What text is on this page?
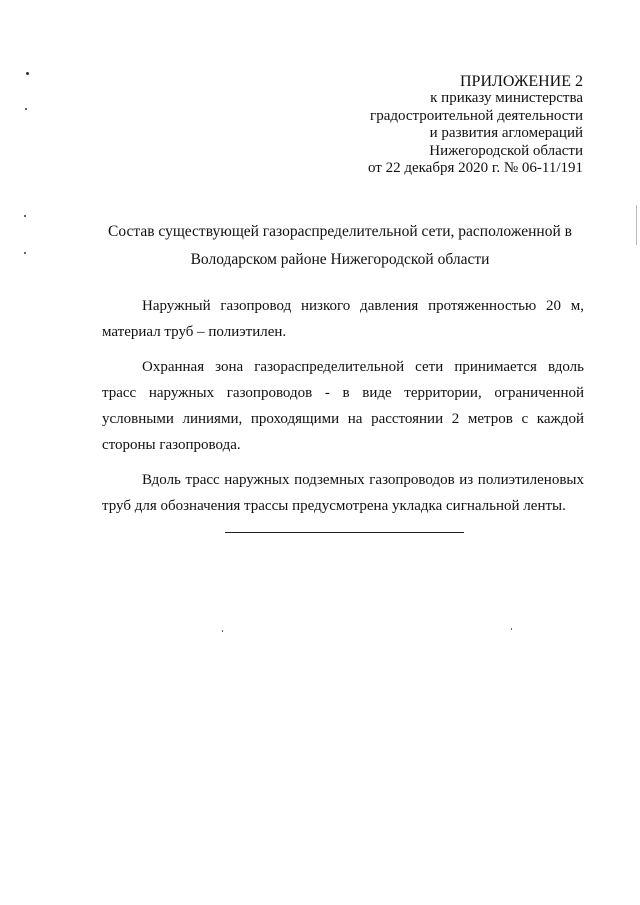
ПРИЛОЖЕНИЕ 2
к приказу министерства
градостроительной деятельности
и развития агломераций
Нижегородской области
от 22 декабря 2020 г. № 06-11/191
Состав существующей газораспределительной сети, расположенной в
Володарском районе Нижегородской области

Наружный газопровод низкого давления протяженностью 20 м, материал труб – полиэтилен.

Охранная зона газораспределительной сети принимается вдоль трасс наружных газопроводов - в виде территории, ограниченной условными линиями, проходящими на расстоянии 2 метров с каждой стороны газопровода.

Вдоль трасс наружных подземных газопроводов из полиэтиленовых труб для обозначения трассы предусмотрена укладка сигнальной ленты.
